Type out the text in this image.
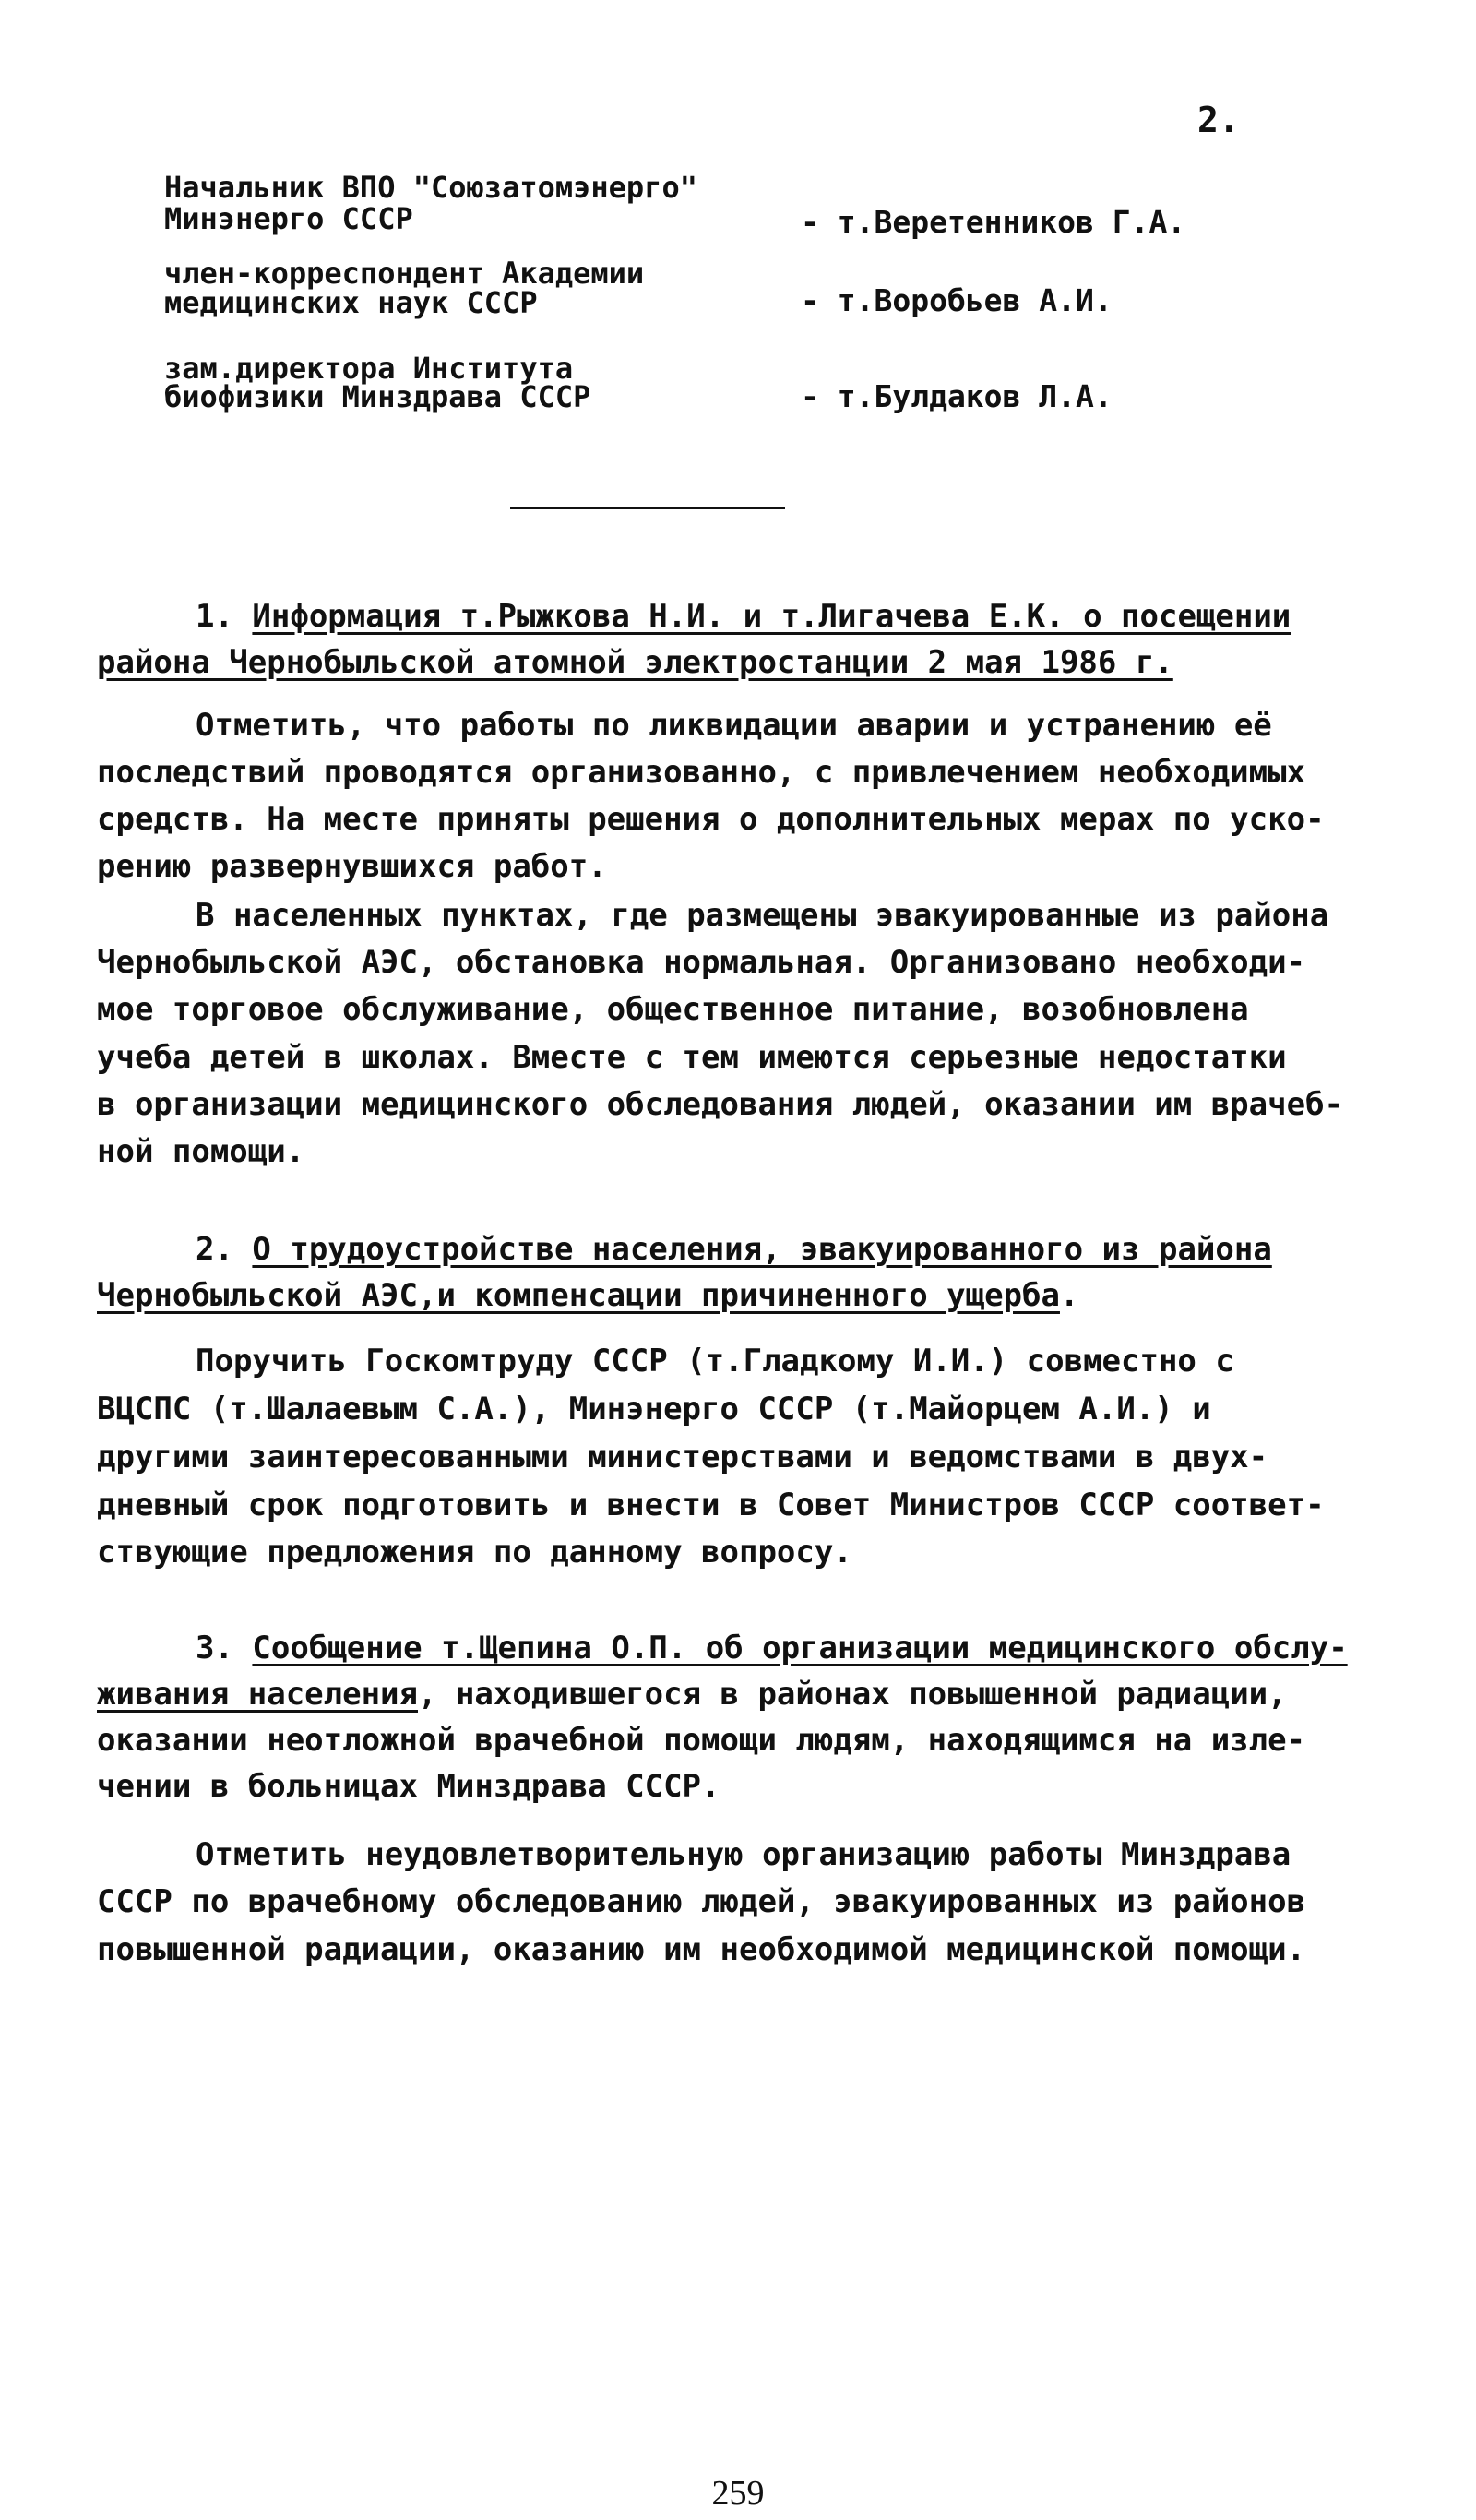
2.
Начальник ВПО "Союзатомэнерго"
Минэнерго СССР	- т.Веретенников Г.А.
член-корреспондент Академии
медицинских наук СССР	- т.Воробьев А.И.
зам.директора Института
биофизики Минздрава СССР	- т.Булдаков Л.А.
1. Информация т.Рыжкова Н.И. и т.Лигачева Е.К. о посещении
района Чернобыльской атомной электростанции 2 мая 1986 г.
Отметить, что работы по ликвидации аварии и устранению её
последствий проводятся организованно, с привлечением необходимых
средств. На месте приняты решения о дополнительных мерах по уско-
рению развернувшихся работ.
В населенных пунктах, где размещены эвакуированные из района
Чернобыльской АЭС, обстановка нормальная. Организовано необходи-
мое торговое обслуживание, общественное питание, возобновлена
учеба детей в школах. Вместе с тем имеются серьезные недостатки
в организации медицинского обследования людей, оказании им врачеб-
ной помощи.
2. О трудоустройстве населения, эвакуированного из района
Чернобыльской АЭС,и компенсации причиненного ущерба.
Поручить Госкомтруду СССР (т.Гладкому И.И.) совместно с
ВЦСПС (т.Шалаевым С.А.), Минэнерго СССР (т.Майорцем А.И.) и
другими заинтересованными министерствами и ведомствами в двух-
дневный срок подготовить и внести в Совет Министров СССР соответ-
ствующие предложения по данному вопросу.
3. Сообщение т.Щепина О.П. об организации медицинского обслу-
живания населения, находившегося в районах повышенной радиации,
оказании неотложной врачебной помощи людям, находящимся на изле-
чении в больницах Минздрава СССР.
Отметить неудовлетворительную организацию работы Минздрава
СССР по врачебному обследованию людей, эвакуированных из районов
повышенной радиации, оказанию им необходимой медицинской помощи.
259
